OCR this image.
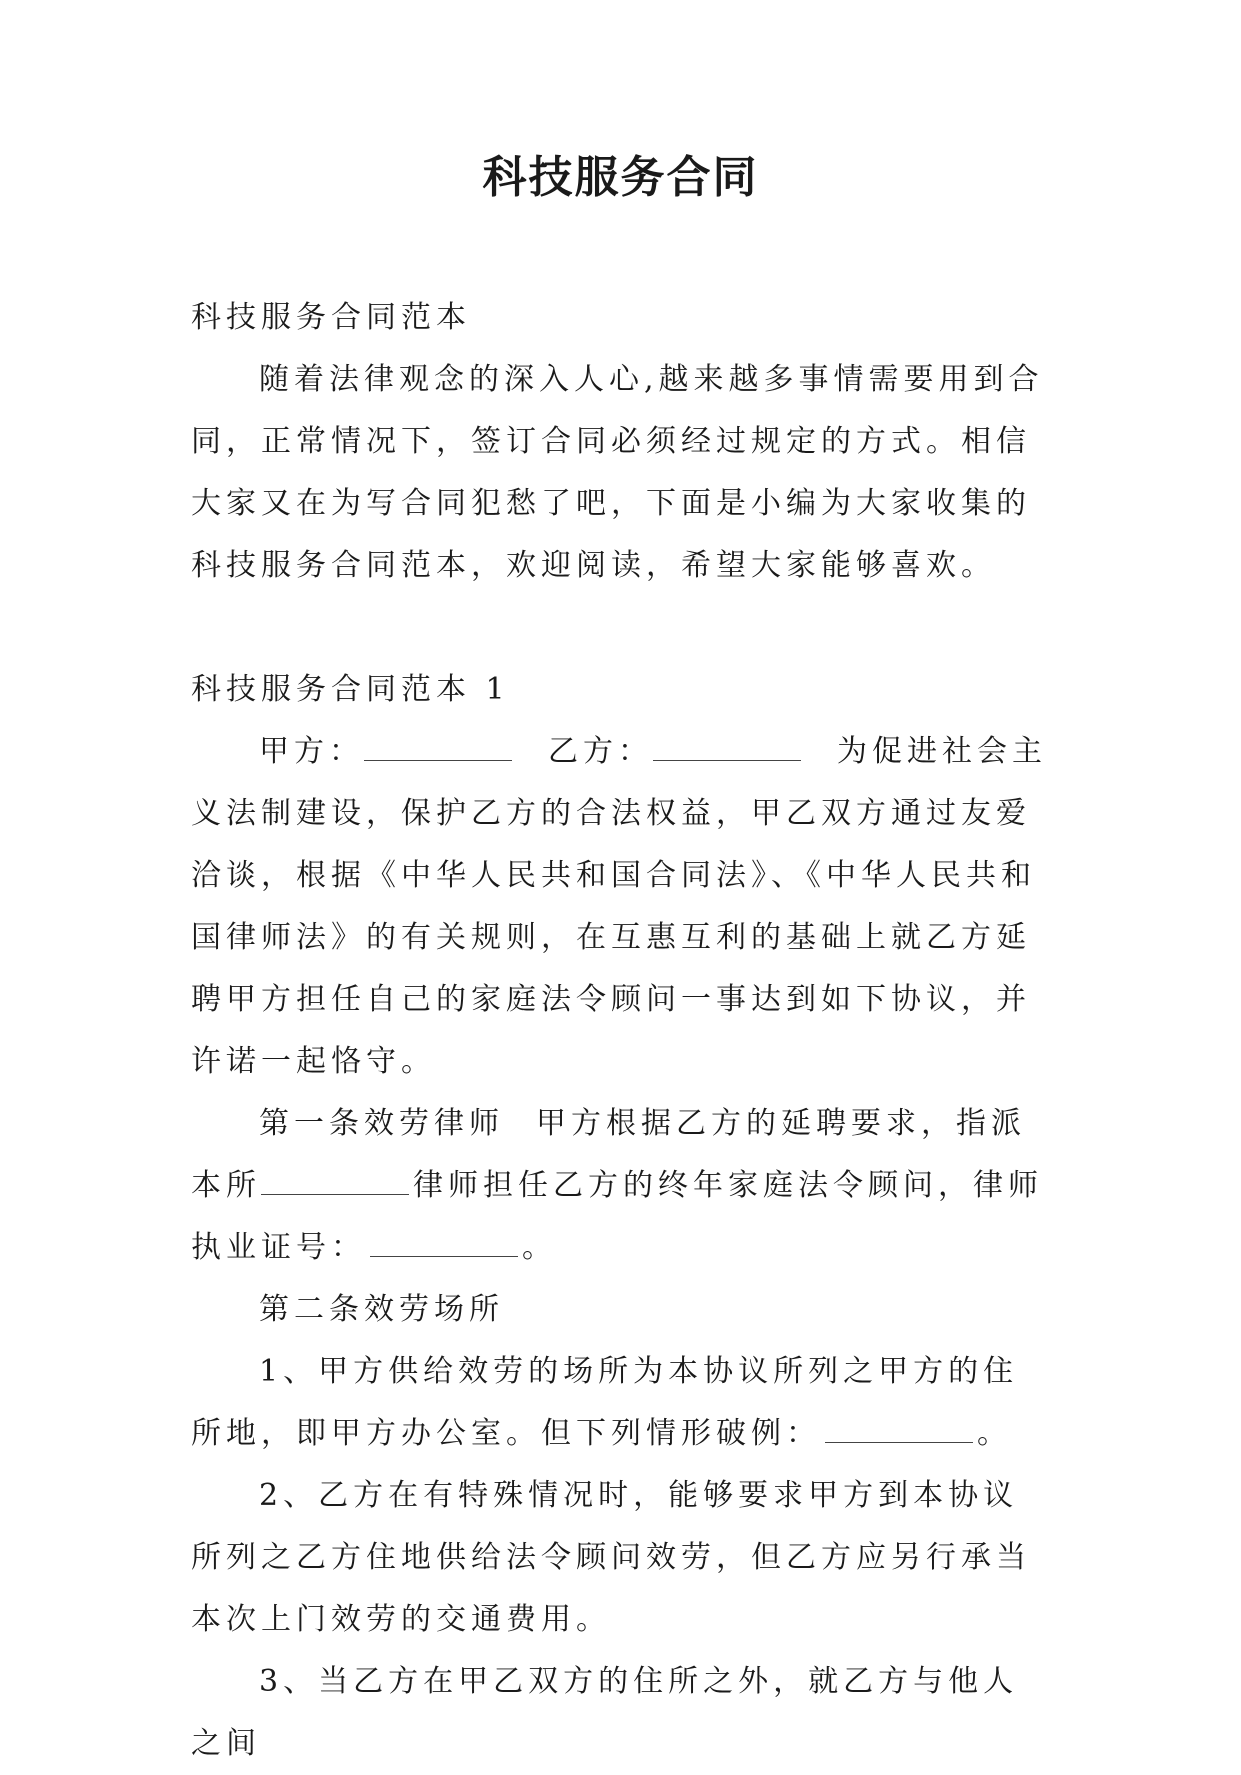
科技服务合同

科技服务合同范本

随着法律观念的深入人心,越来越多事情需要用到合同，正常情况下，签订合同必须经过规定的方式。相信大家又在为写合同犯愁了吧，下面是小编为大家收集的科技服务合同范本，欢迎阅读，希望大家能够喜欢。

科技服务合同范本 1

甲方：	乙方：	为促进社会主义法制建设，保护乙方的合法权益，甲乙双方通过友爱洽谈，根据《中华人民共和国合同法》、《中华人民共和国律师法》的有关规则，在互惠互利的基础上就乙方延聘甲方担任自己的家庭法令顾问一事达到如下协议，并许诺一起恪守。

第一条效劳律师 甲方根据乙方的延聘要求，指派本所	律师担任乙方的终年家庭法令顾问，律师执业证号：	。

第二条效劳场所

1、甲方供给效劳的场所为本协议所列之甲方的住所地，即甲方办公室。但下列情形破例：	。

2、乙方在有特殊情况时，能够要求甲方到本协议所列之乙方住地供给法令顾问效劳，但乙方应另行承当本次上门效劳的交通费用。

3、当乙方在甲乙双方的住所之外，就乙方与他人之间
